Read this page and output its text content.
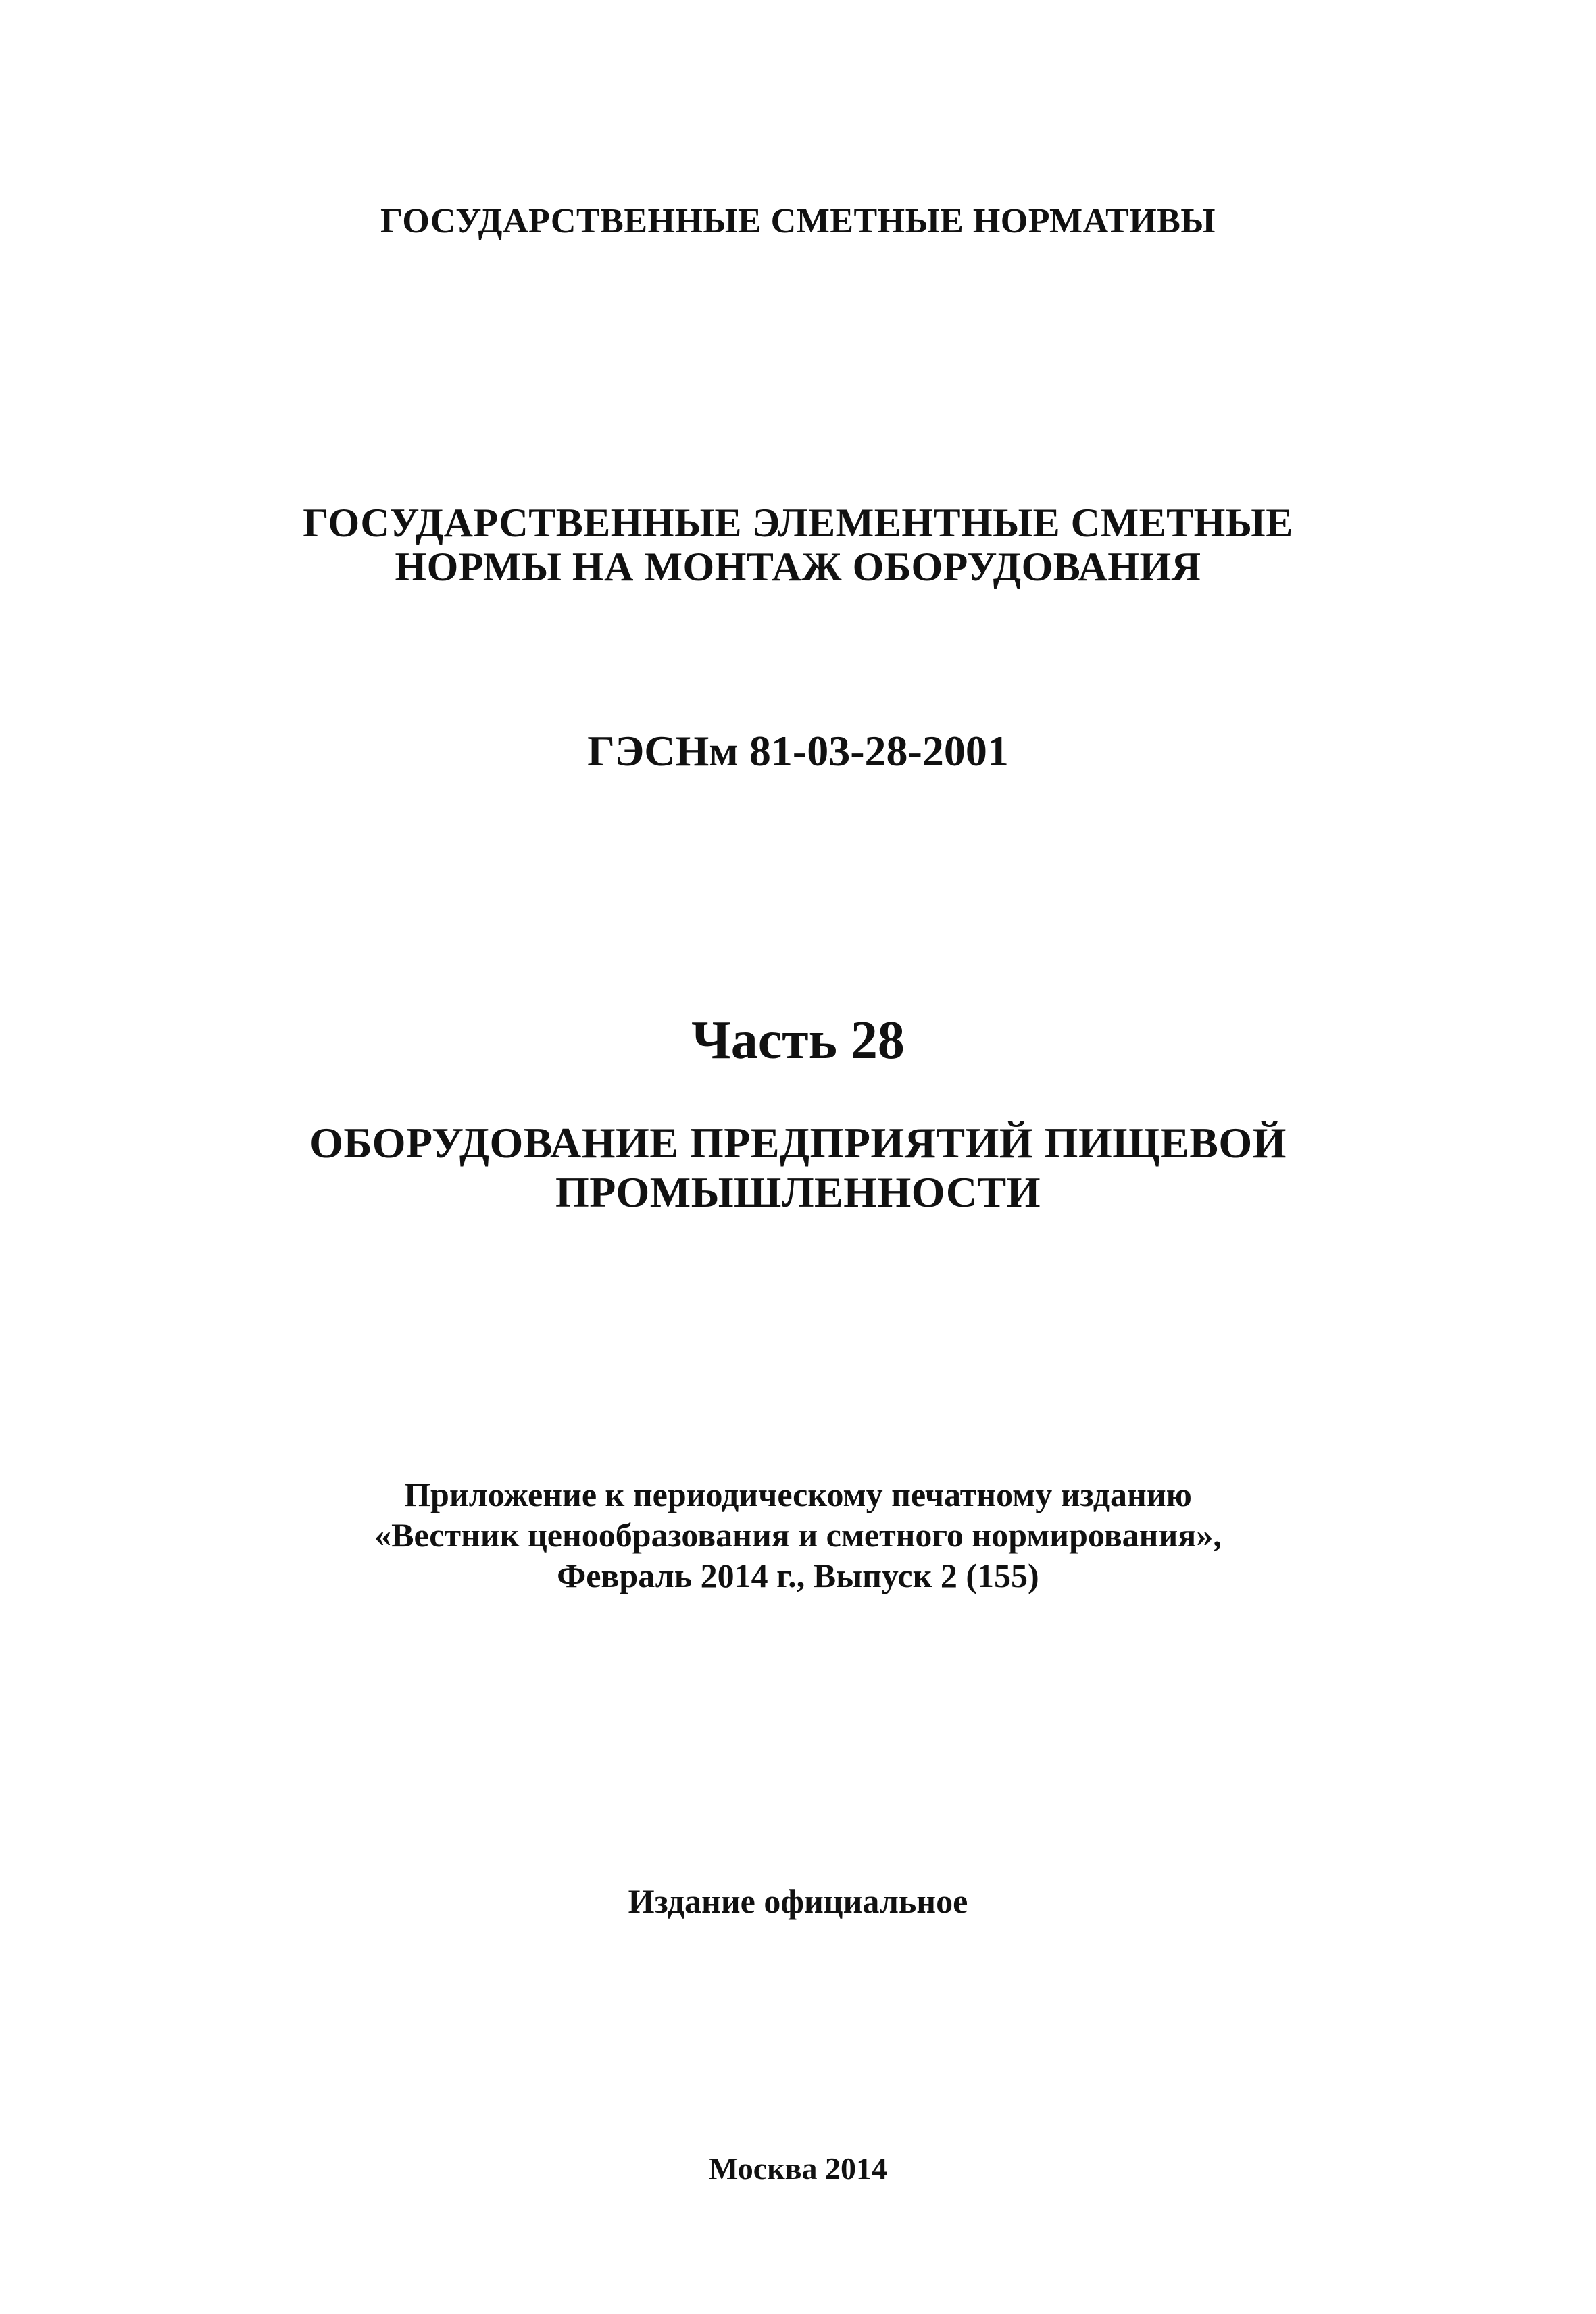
ГОСУДАРСТВЕННЫЕ СМЕТНЫЕ НОРМАТИВЫ
ГОСУДАРСТВЕННЫЕ ЭЛЕМЕНТНЫЕ СМЕТНЫЕ
НОРМЫ НА МОНТАЖ ОБОРУДОВАНИЯ
ГЭСНм 81-03-28-2001
Часть 28
ОБОРУДОВАНИЕ ПРЕДПРИЯТИЙ ПИЩЕВОЙ
ПРОМЫШЛЕННОСТИ
Приложение к периодическому печатному изданию
«Вестник ценообразования и сметного нормирования»,
Февраль 2014 г., Выпуск 2 (155)
Издание официальное
Москва 2014
